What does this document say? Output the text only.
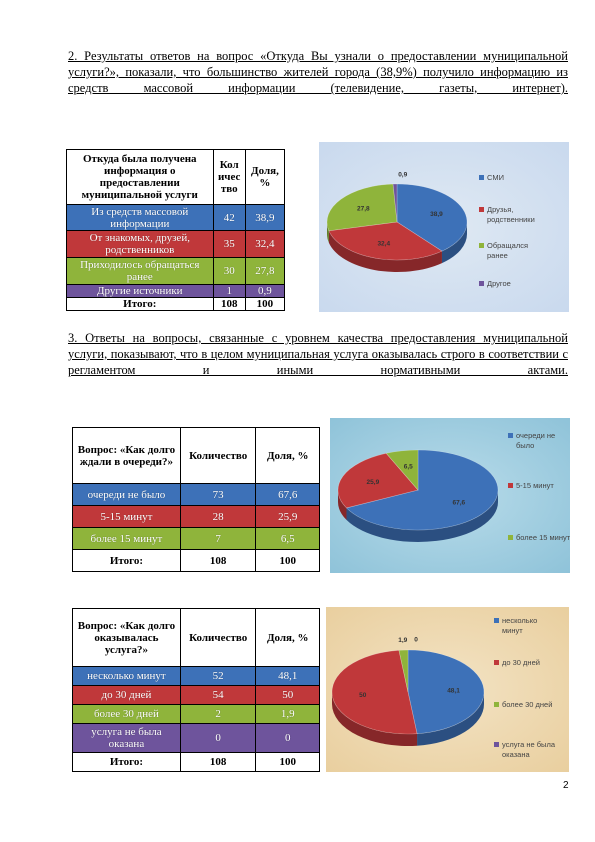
2. Результаты ответов на вопрос «Откуда Вы узнали о предоставлении муниципальной услуги?», показали, что большинство жителей города (38,9%) получило информацию из средств массовой информации (телевидение, газеты, интернет).
Откуда была получена информация о предоставлении муниципальной услуги	Кол ичес тво	Доля, %
Из средств массовой информации	42	38,9
От знакомых, друзей, родственников	35	32,4
Приходилось обращаться ранее	30	27,8
Другие источники	1	0,9
Итого:	108	100
38,9
32,4
27,8
0,9	СМИ
Друзья,
родственники
Обращался
ранее
Другое
3. Ответы на вопросы, связанные с уровнем качества предоставления муниципальной услуги, показывают, что в целом муниципальная услуга оказывалась строго в соответствии с регламентом и иными нормативными актами.
Вопрос: «Как долго ждали в очереди?»	Количество	Доля, %
очереди не было	73	67,6
5-15 минут	28	25,9
более 15 минут	7	6,5
Итого:	108	100
67,6
25,9
6,5
очереди не
было
5-15 минут
более 15 минут
Вопрос: «Как долго оказывалась услуга?»	Количество	Доля, %
несколько минут	52	48,1
до 30 дней	54	50
более 30 дней	2	1,9
услуга не была оказана	0	0
Итого:	108	100
48,1
50
1,9 0
несколько
минут
до 30 дней
более 30 дней
услуга не была
оказана
2
